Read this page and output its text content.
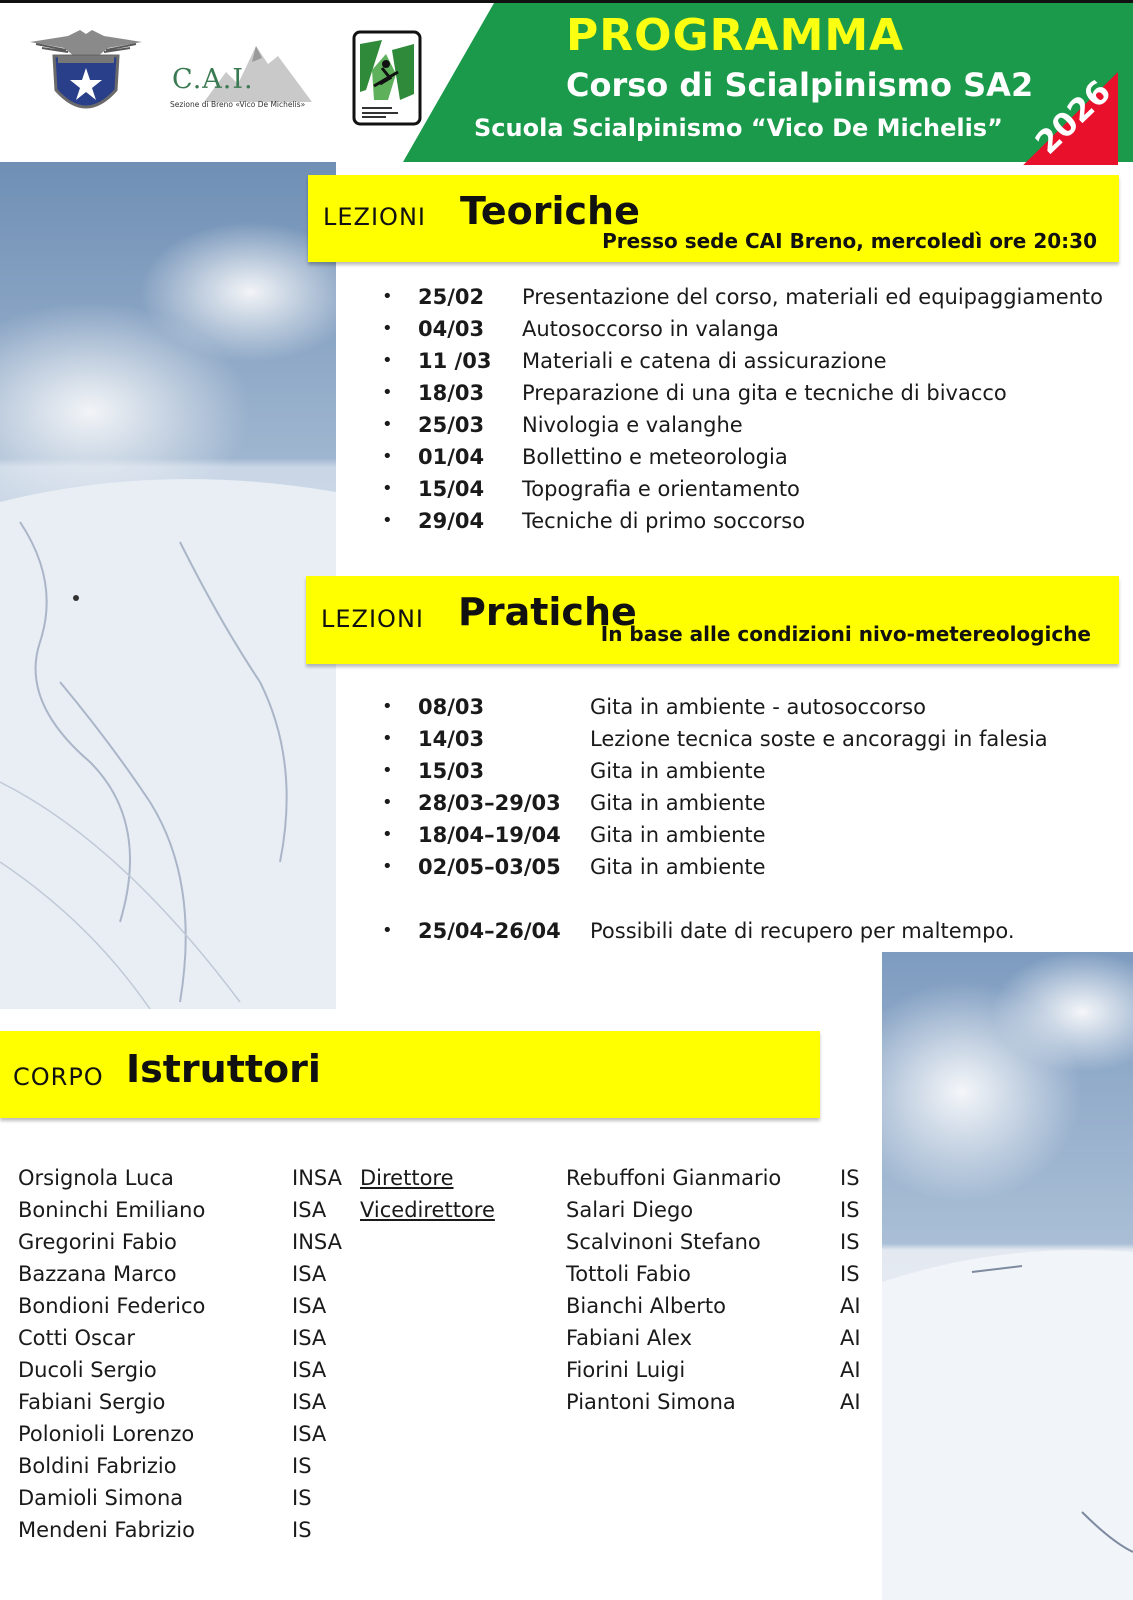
PROGRAMMA
Corso di Scialpinismo SA2
Scuola Scialpinismo “Vico De Michelis” 2026
C.A.I.
Sezione di Breno «Vico De Michelis»
LEZIONI Teoriche
Presso sede CAI Breno, mercoledì ore 20:30
• 25/02 Presentazione del corso, materiali ed equipaggiamento
• 04/03 Autosoccorso in valanga
• 11 /03 Materiali e catena di assicurazione
• 18/03 Preparazione di una gita e tecniche di bivacco
• 25/03 Nivologia e valanghe
• 01/04 Bollettino e meteorologia
• 15/04 Topografia e orientamento
• 29/04 Tecniche di primo soccorso
LEZIONI Pratiche
In base alle condizioni nivo-metereologiche
• 08/03	Gita in ambiente - autosoccorso
• 14/03	Lezione tecnica soste e ancoraggi in falesia
• 15/03	Gita in ambiente
• 28/03–29/03 Gita in ambiente
• 18/04–19/04 Gita in ambiente
• 02/05–03/05 Gita in ambiente
• 25/04–26/04 Possibili date di recupero per maltempo.
CORPO Istruttori
Orsignola Luca	INSA Direttore
Boninchi Emiliano	ISA Vicedirettore
Gregorini Fabio	INSA
Bazzana Marco	ISA
Bondioni Federico	ISA
Cotti Oscar	ISA
Ducoli Sergio	ISA
Fabiani Sergio	ISA
Polonioli Lorenzo	ISA
Boldini Fabrizio	IS
Damioli Simona	IS
Mendeni Fabrizio	IS
Rebuffoni Gianmario	IS
Salari Diego	IS
Scalvinoni Stefano	IS
Tottoli Fabio	IS
Bianchi Alberto	AI
Fabiani Alex	AI
Fiorini Luigi	AI
Piantoni Simona	AI
